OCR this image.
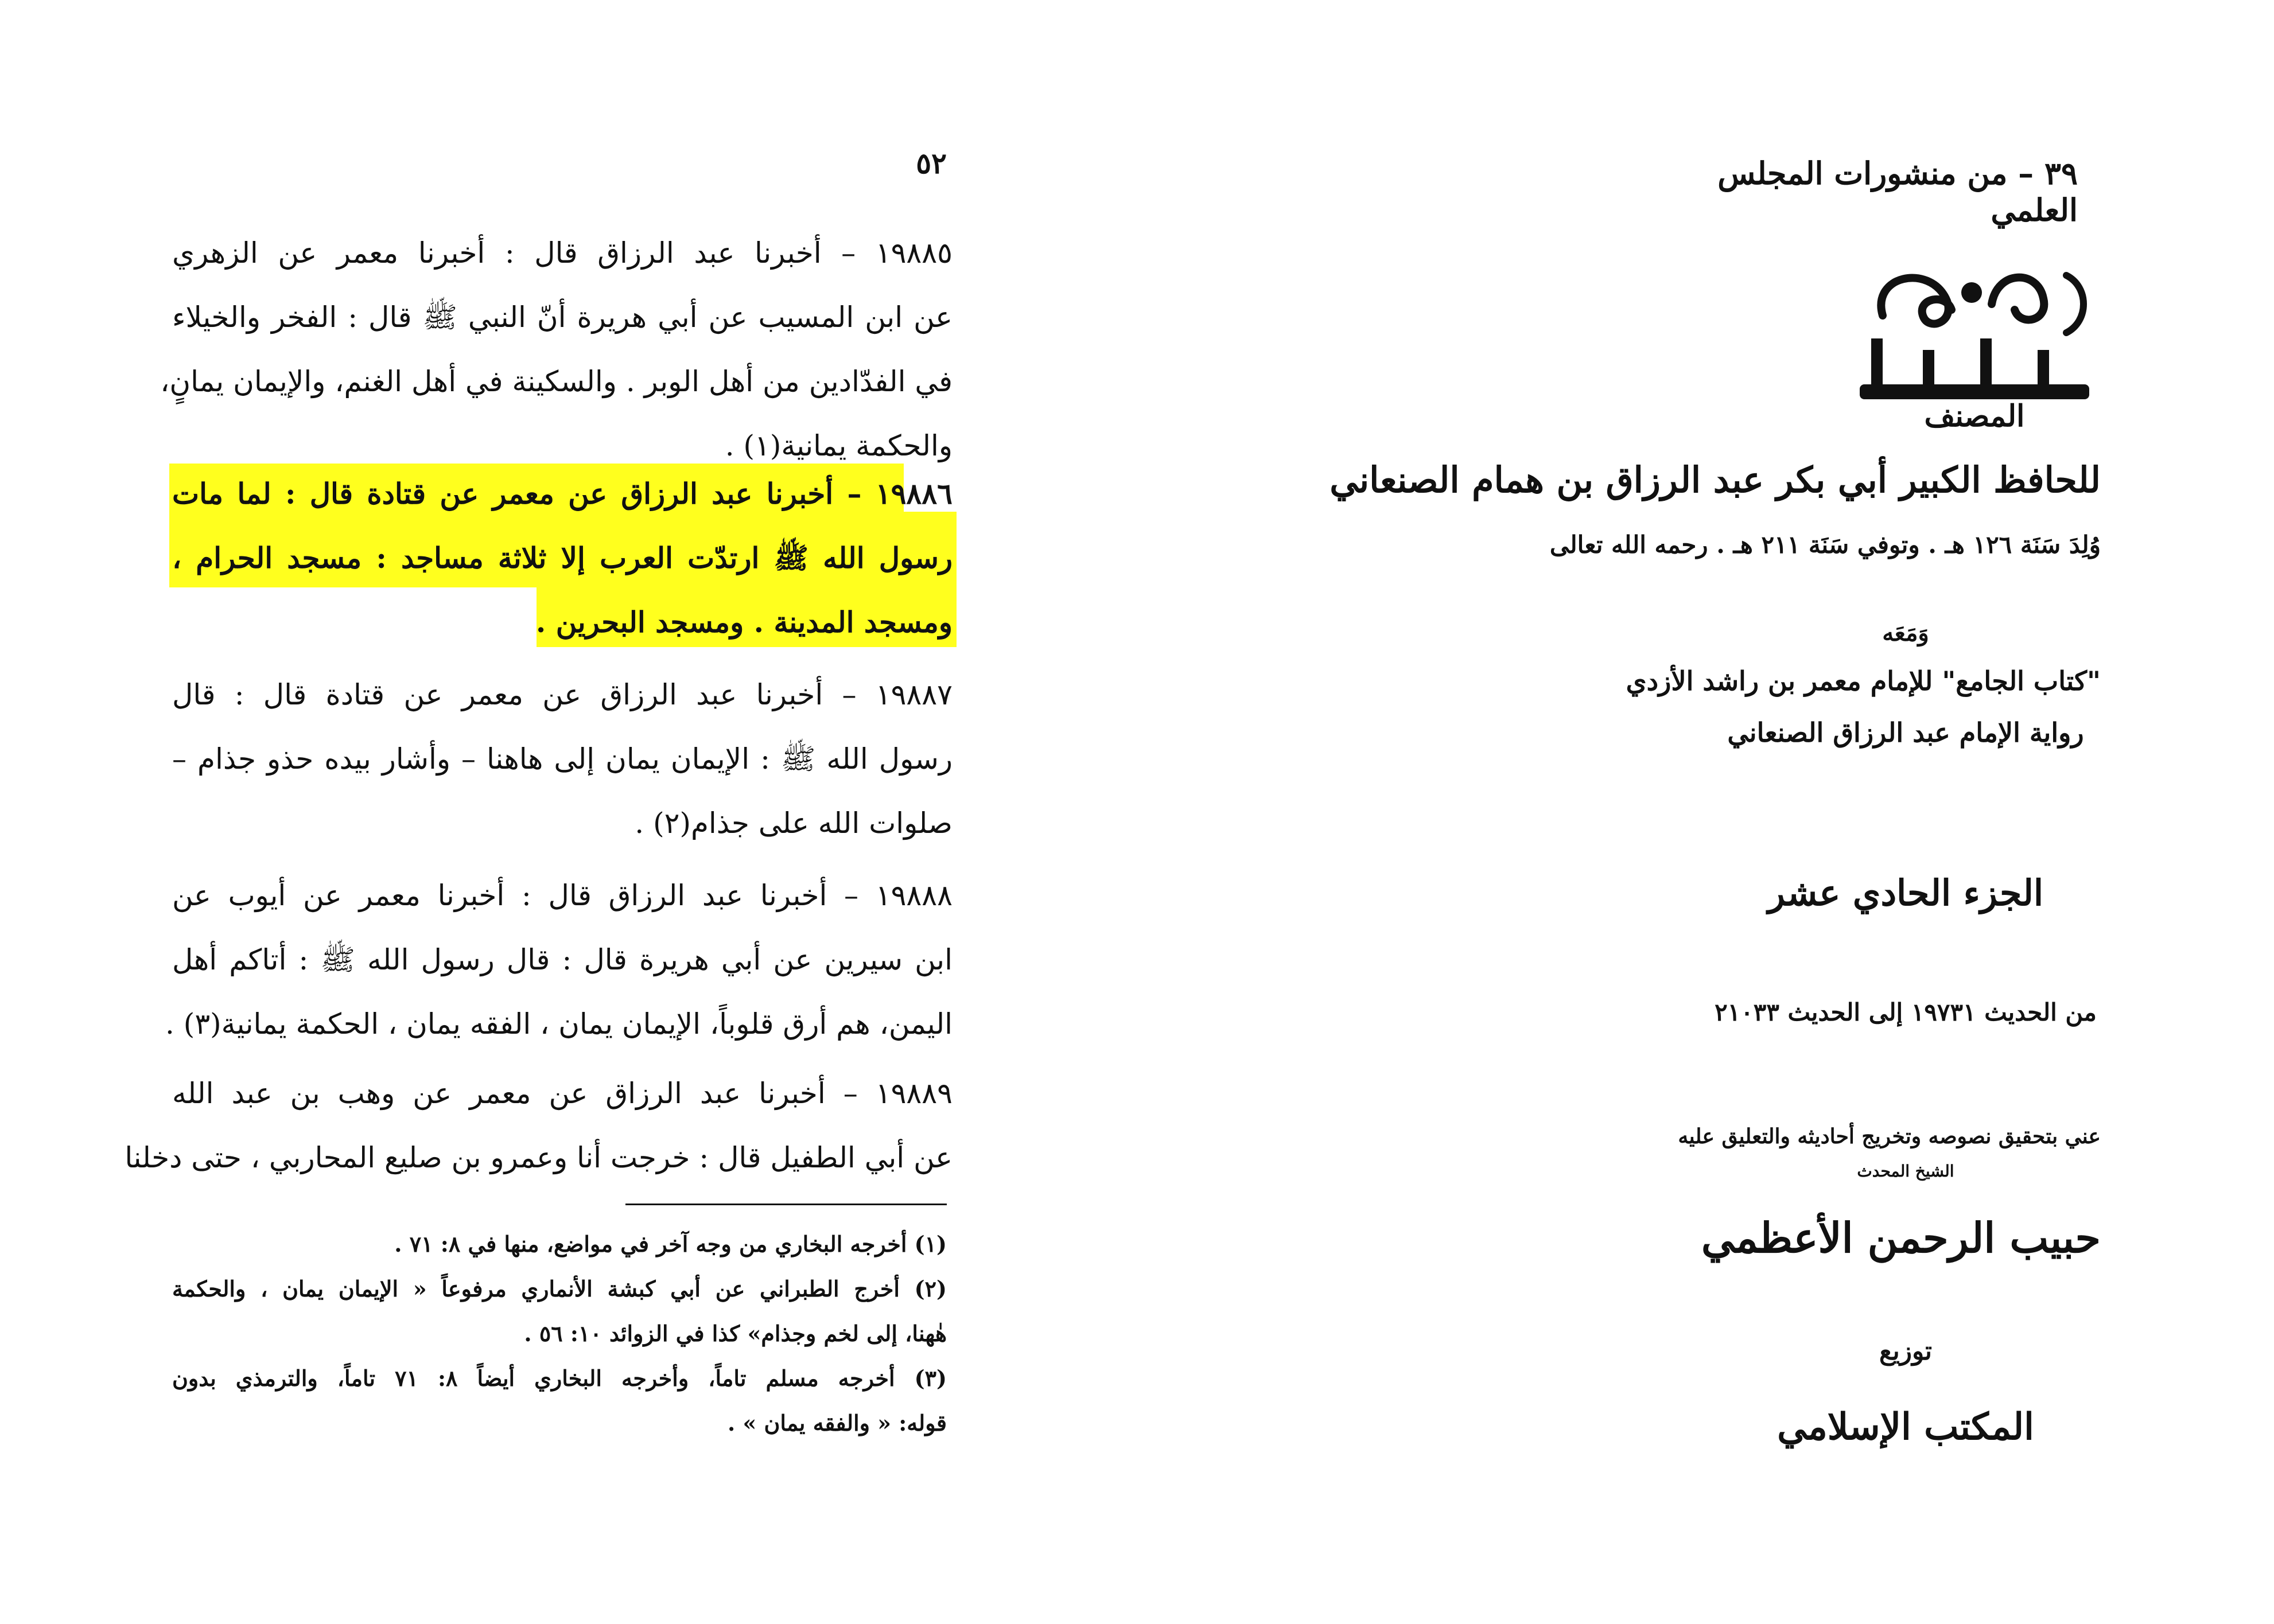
٥٢
١٩٨٨٥ – أخبرنا عبد الرزاق قال : أخبرنا معمر عن الزهري
عن ابن المسيب عن أبي هريرة أنّ النبي ﷺ قال : الفخر والخيلاء
في الفدّادين من أهل الوبر . والسكينة في أهل الغنم، والإيمان يمانٍ،
والحكمة يمانية(١) .
١٩٨٨٦ – أخبرنا عبد الرزاق عن معمر عن قتادة قال : لما مات
رسول الله ﷺ ارتدّت العرب إلا ثلاثة مساجد : مسجد الحرام ،
ومسجد المدينة . ومسجد البحرين .
١٩٨٨٧ – أخبرنا عبد الرزاق عن معمر عن قتادة قال : قال
رسول الله ﷺ : الإيمان يمان إلى هاهنا – وأشار بيده حذو جذام –
صلوات الله على جذام(٢) .
١٩٨٨٨ – أخبرنا عبد الرزاق قال : أخبرنا معمر عن أيوب عن
ابن سيرين عن أبي هريرة قال : قال رسول الله ﷺ : أتاكم أهل
اليمن، هم أرق قلوباً، الإيمان يمان ، الفقه يمان ، الحكمة يمانية(٣) .
١٩٨٨٩ – أخبرنا عبد الرزاق عن معمر عن وهب بن عبد الله
عن أبي الطفيل قال : خرجت أنا وعمرو بن صليع المحاربي ، حتى دخلنا
(١) أخرجه البخاري من وجه آخر في مواضع، منها في ٨: ٧١ .
(٢) أخرج الطبراني عن أبي كبشة الأنماري مرفوعاً « الإيمان يمان ، والحكمة
هٰهنا، إلى لخم وجذام» كذا في الزوائد ١٠: ٥٦ .
(٣) أخرجه مسلم تاماً، وأخرجه البخاري أيضاً ٨: ٧١ تاماً، والترمذي بدون
قوله: « والفقه يمان » .
٣٩ – من منشورات المجلس العلمي
المصنف
للحافظ الكبير أبي بكر عبد الرزاق بن همام الصنعاني
وُلِدَ سَنَة ١٢٦ هـ . وتوفي سَنَة ٢١١ هـ . رحمه الله تعالى
وَمَعَه
"كتاب الجامع" للإمام معمر بن راشد الأزدي
رواية الإمام عبد الرزاق الصنعاني
الجزء الحادي عشر
من الحديث ١٩٧٣١ إلى الحديث ٢١٠٣٣
عني بتحقيق نصوصه وتخريج أحاديثه والتعليق عليه
الشيخ المحدث
حبيب الرحمن الأعظمي
توزيع
المكتب الإسلامي
